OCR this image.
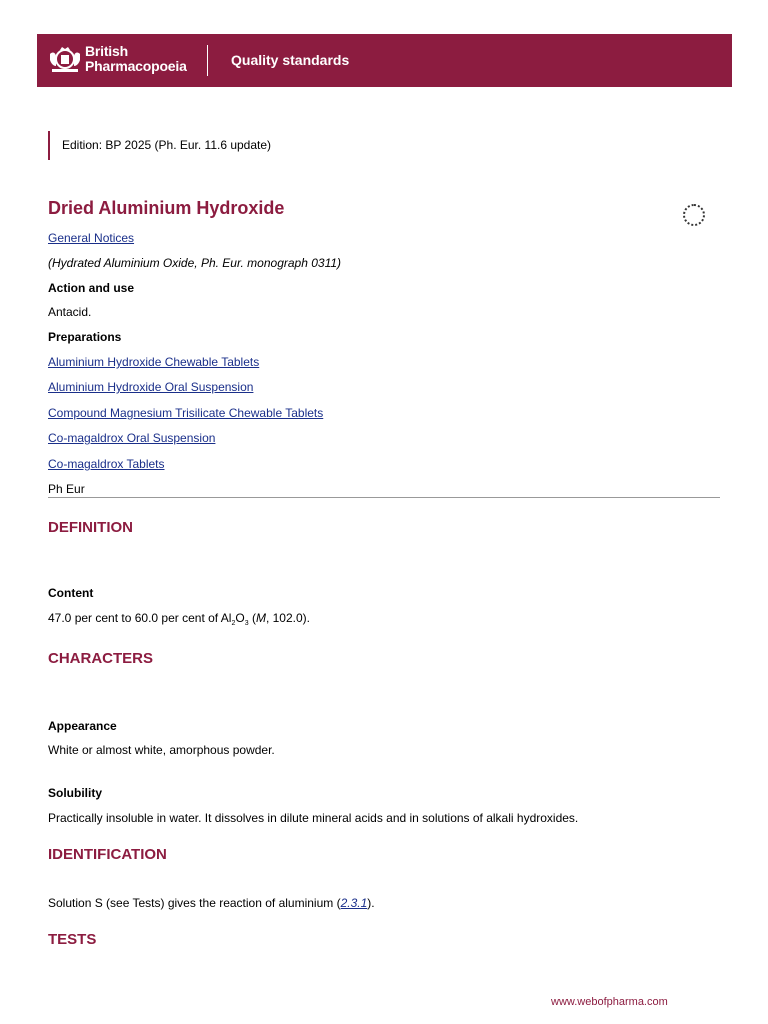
British
Pharmacopoeia	Quality standards
Edition: BP 2025 (Ph. Eur. 11.6 update)
Dried Aluminium Hydroxide
General Notices
(Hydrated Aluminium Oxide, Ph. Eur. monograph 0311)
Action and use
Antacid.
Preparations
Aluminium Hydroxide Chewable Tablets
Aluminium Hydroxide Oral Suspension
Compound Magnesium Trisilicate Chewable Tablets
Co-magaldrox Oral Suspension
Co-magaldrox Tablets
Ph Eur
DEFINITION
Content
47.0 per cent to 60.0 per cent of $Al_2O_3$ (M, 102.0).
CHARACTERS
Appearance
White or almost white, amorphous powder.
Solubility
Practically insoluble in water. It dissolves in dilute mineral acids and in solutions of alkali hydroxides.
IDENTIFICATION
Solution S (see Tests) gives the reaction of aluminium (2.3.1).
TESTS
www.webofpharma.com
